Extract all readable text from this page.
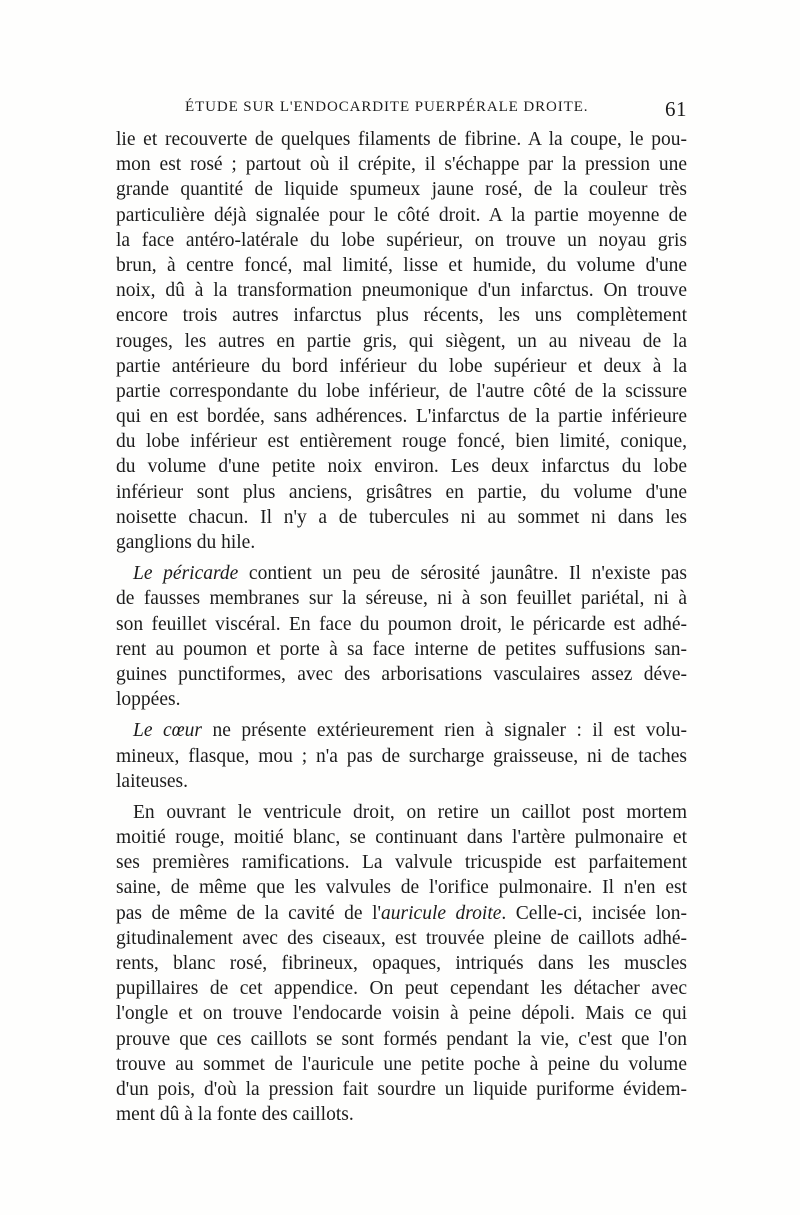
ÉTUDE SUR L'ENDOCARDITE PUERPÉRALE DROITE.	61
lie et recouverte de quelques filaments de fibrine. A la coupe, le pou-
mon est rosé ; partout où il crépite, il s'échappe par la pression une
grande quantité de liquide spumeux jaune rosé, de la couleur très
particulière déjà signalée pour le côté droit. A la partie moyenne de
la face antéro-latérale du lobe supérieur, on trouve un noyau gris
brun, à centre foncé, mal limité, lisse et humide, du volume d'une
noix, dû à la transformation pneumonique d'un infarctus. On trouve
encore trois autres infarctus plus récents, les uns complètement
rouges, les autres en partie gris, qui siègent, un au niveau de la
partie antérieure du bord inférieur du lobe supérieur et deux à la
partie correspondante du lobe inférieur, de l'autre côté de la scissure
qui en est bordée, sans adhérences. L'infarctus de la partie inférieure
du lobe inférieur est entièrement rouge foncé, bien limité, conique,
du volume d'une petite noix environ. Les deux infarctus du lobe
inférieur sont plus anciens, grisâtres en partie, du volume d'une
noisette chacun. Il n'y a de tubercules ni au sommet ni dans les
ganglions du hile.
Le péricarde contient un peu de sérosité jaunâtre. Il n'existe pas
de fausses membranes sur la séreuse, ni à son feuillet pariétal, ni à
son feuillet viscéral. En face du poumon droit, le péricarde est adhé-
rent au poumon et porte à sa face interne de petites suffusions san-
guines punctiformes, avec des arborisations vasculaires assez déve-
loppées.
Le cœur ne présente extérieurement rien à signaler : il est volu-
mineux, flasque, mou ; n'a pas de surcharge graisseuse, ni de taches
laiteuses.
En ouvrant le ventricule droit, on retire un caillot post mortem
moitié rouge, moitié blanc, se continuant dans l'artère pulmonaire et
ses premières ramifications. La valvule tricuspide est parfaitement
saine, de même que les valvules de l'orifice pulmonaire. Il n'en est
pas de même de la cavité de l'auricule droite. Celle-ci, incisée lon-
gitudinalement avec des ciseaux, est trouvée pleine de caillots adhé-
rents, blanc rosé, fibrineux, opaques, intriqués dans les muscles
pupillaires de cet appendice. On peut cependant les détacher avec
l'ongle et on trouve l'endocarde voisin à peine dépoli. Mais ce qui
prouve que ces caillots se sont formés pendant la vie, c'est que l'on
trouve au sommet de l'auricule une petite poche à peine du volume
d'un pois, d'où la pression fait sourdre un liquide puriforme évidem-
ment dû à la fonte des caillots.
